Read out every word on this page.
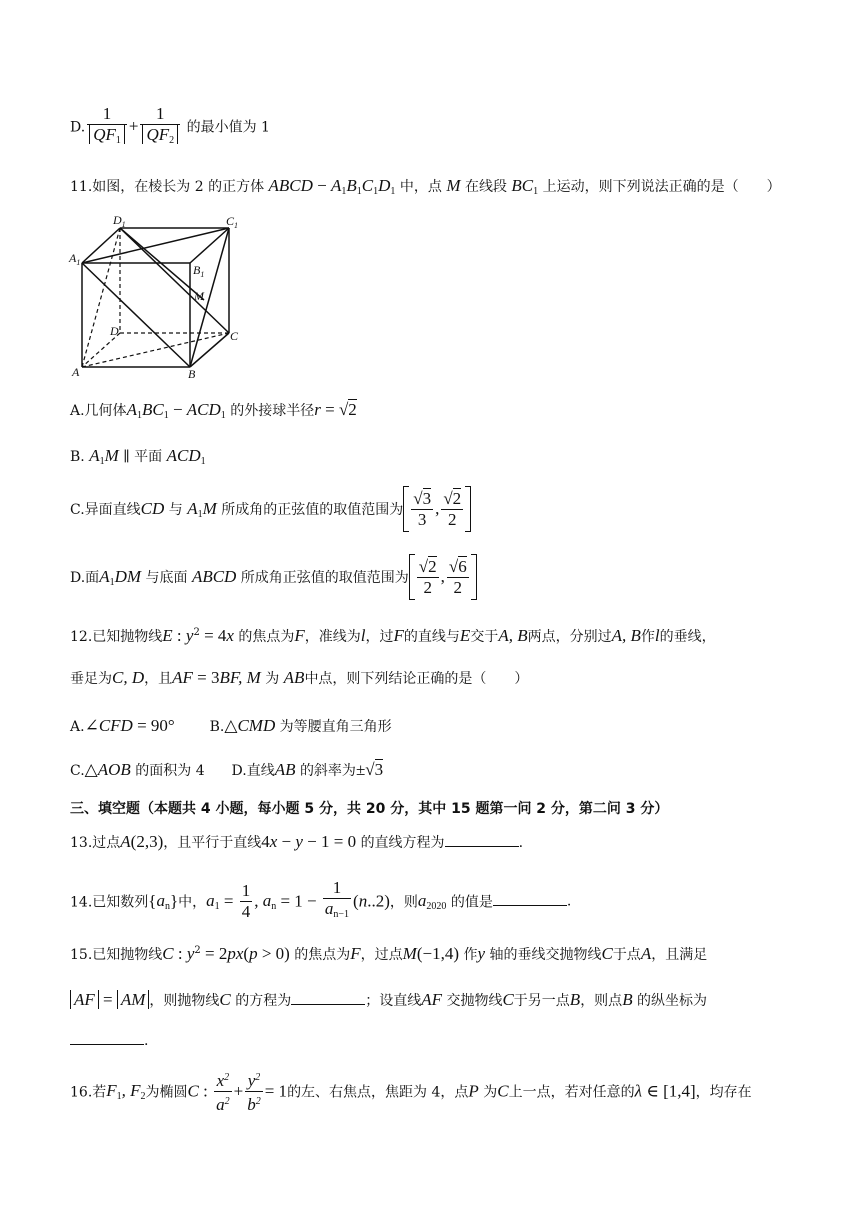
D. $\frac{1}{QF_1} + \frac{1}{QF_2}$ 的最小值为 1
11.如图，在棱长为 2 的正方体 ABCD − $A_1B_1C_1D_1$ 中，点 M 在线段 $BC_1$ 上运动，则下列说法正确的是（　　）
$D_1$	$C_1$
$A_1$
$B_1$
M
D	C
A	B
A.几何体$A_1BC_1 - ACD_1$ 的外接球半径r = √2
B. $A_1M$ ∥ 平面 $ACD_1$
C.异面直线CD 与 $A_1M$ 所成角的正弦值的取值范围为 $\frac{√3}{3}$ , $\frac{√2}{2}$
D.面$A_1DM$ 与底面 ABCD 所成角正弦值的取值范围为 $\frac{√2}{2}$ , $\frac{√6}{2}$
12.已知抛物线E : $y^2 = 4x$ 的焦点为F，准线为l，过F的直线与E交于A, B两点，分别过A, B作l的垂线，
垂足为C, D，且AF = 3BF, M 为 AB中点，则下列结论正确的是（　　）
A.∠CFD = 90° B.△CMD 为等腰直角三角形
C.△AOB 的面积为 4 D.直线AB 的斜率为±√3
三、填空题（本题共 4 小题，每小题 5 分，共 20 分，其中 15 题第一问 2 分，第二问 3 分）
13.过点A(2,3)，且平行于直线4x − y − 1 = 0 的直线方程为	.
14.已知数列$\{a_n\}$中，$a_1 = \frac{1}{4}$ , $a_n = 1 - \frac{1}{a_{n-1}} (n..2)$，则$a_{2020}$ 的值是	.
15.已知抛物线C : $y^2 = 2px(p > 0)$ 的焦点为F，过点M(−1,4) 作y 轴的垂线交抛物线C于点A，且满足
AF = AM ，则抛物线C 的方程为	；设直线AF 交抛物线C于另一点B，则点B 的纵坐标为
.
16.若$F_1$, $F_2$为椭圆C : $\frac{x^2}{a^2} + \frac{y^2}{b^2} = 1$的左、右焦点，焦距为 4，点P 为C上一点，若对任意的λ ∈ [1,4]，均存在
